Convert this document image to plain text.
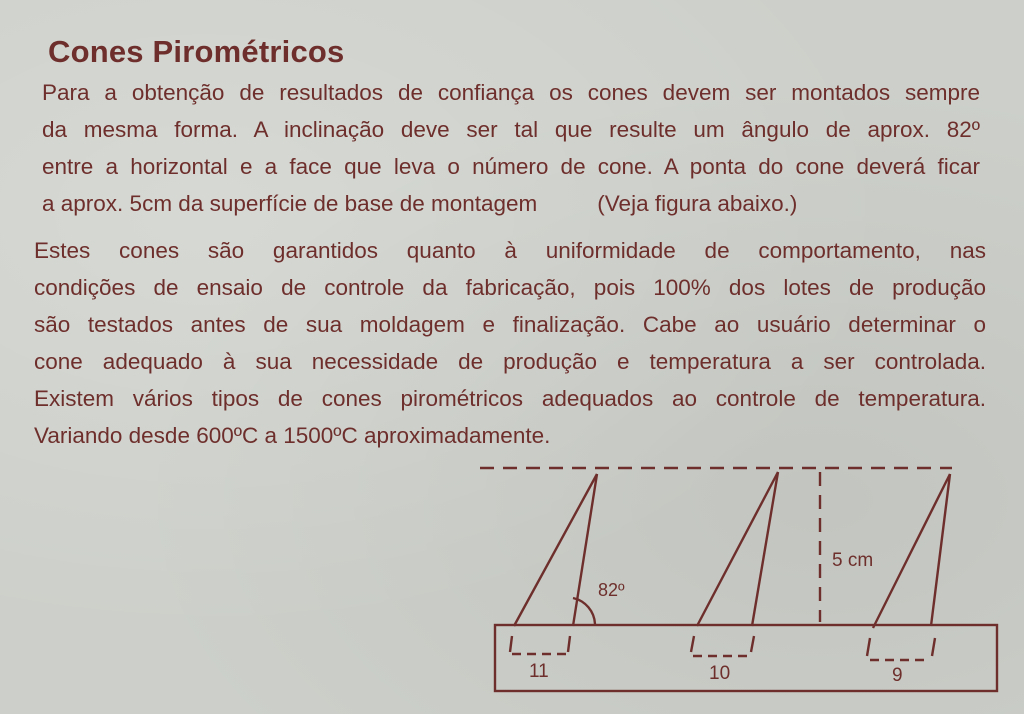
Cones Pirométricos
Para a obtenção de resultados de confiança os cones devem ser montados sempre
da mesma forma. A inclinação deve ser tal que resulte um ângulo de aprox. 82º
entre a horizontal e a face que leva o número de cone. A ponta do cone deverá ficar
a aprox. 5cm da superfície de base de montagem	(Veja figura abaixo.)
Estes cones são garantidos quanto à uniformidade de comportamento, nas
condições de ensaio de controle da fabricação, pois 100% dos lotes de produção
são testados antes de sua moldagem e finalização. Cabe ao usuário determinar o
cone adequado à sua necessidade de produção e temperatura a ser controlada.
Existem vários tipos de cones pirométricos adequados ao controle de temperatura.
Variando desde 600ºC a 1500ºC aproximadamente.
82º
5 cm
11	10	9
